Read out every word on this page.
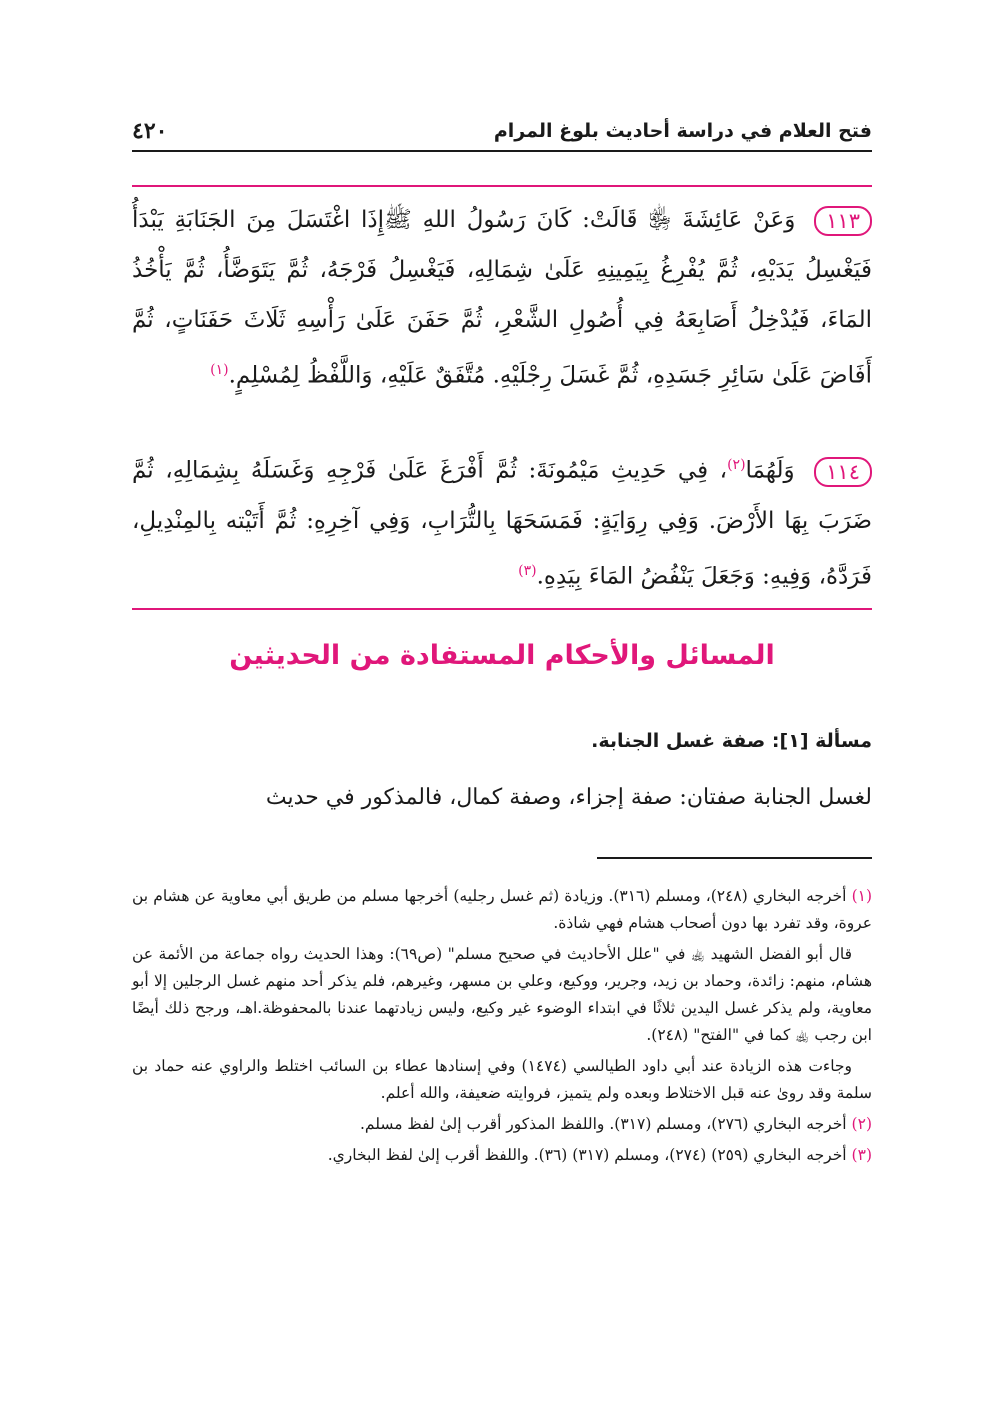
٤٢٠	فتح العلام في دراسة أحاديث بلوغ المرام
١١٣ وَعَنْ عَائِشَةَ ﵂ قَالَتْ: كَانَ رَسُولُ اللهِ ﷺإِذَا اغْتَسَلَ مِنَ الجَنَابَةِ يَبْدَأُ فَيَغْسِلُ يَدَيْهِ، ثُمَّ يُفْرِغُ بِيَمِينِهِ عَلَىٰ شِمَالِهِ، فَيَغْسِلُ فَرْجَهُ، ثُمَّ يَتَوَضَّأُ، ثُمَّ يَأْخُذُ المَاءَ، فَيُدْخِلُ أَصَابِعَهُ فِي أُصُولِ الشَّعْرِ، ثُمَّ حَفَنَ عَلَىٰ رَأْسِهِ ثَلَاثَ حَفَنَاتٍ، ثُمَّ أَفَاضَ عَلَىٰ سَائِرِ جَسَدِهِ، ثُمَّ غَسَلَ رِجْلَيْهِ. مُتَّفَقٌ عَلَيْهِ، وَاللَّفْظُ لِمُسْلِمٍ.$^{(١)}$
١١٤ وَلَهُمَا$^{(٢)}$، فِي حَدِيثِ مَيْمُونَةَ: ثُمَّ أَفْرَغَ عَلَىٰ فَرْجِهِ وَغَسَلَهُ بِشِمَالِهِ، ثُمَّ ضَرَبَ بِهَا الأَرْضَ. وَفِي رِوَايَةٍ: فَمَسَحَهَا بِالتُّرَابِ، وَفِي آخِرِهِ: ثُمَّ أَتَيْته بِالمِنْدِيلِ، فَرَدَّهُ، وَفِيهِ: وَجَعَلَ يَنْفُضُ المَاءَ بِيَدِهِ.$^{(٣)}$
المسائل والأحكام المستفادة من الحديثين
مسألة [١]: صفة غسل الجنابة.
لغسل الجنابة صفتان: صفة إجزاء، وصفة كمال، فالمذكور في حديث
(١) أخرجه البخاري (٢٤٨)، ومسلم (٣١٦). وزيادة (ثم غسل رجليه) أخرجها مسلم من طريق أبي معاوية عن هشام بن عروة، وقد تفرد بها دون أصحاب هشام فهي شاذة.
قال أبو الفضل الشهيد ﵀ في "علل الأحاديث في صحيح مسلم" (ص٦٩): وهذا الحديث رواه جماعة من الأئمة عن هشام، منهم: زائدة، وحماد بن زيد، وجرير، ووكيع، وعلي بن مسهر، وغيرهم، فلم يذكر أحد منهم غسل الرجلين إلا أبو معاوية، ولم يذكر غسل اليدين ثلاثًا في ابتداء الوضوء غير وكيع، وليس زيادتهما عندنا بالمحفوظة.اهـ، ورجح ذلك أيضًا ابن رجب ﵀ كما في "الفتح" (٢٤٨).
وجاءت هذه الزيادة عند أبي داود الطيالسي (١٤٧٤) وفي إسنادها عطاء بن السائب اختلط والراوي عنه حماد بن سلمة وقد روىٰ عنه قبل الاختلاط وبعده ولم يتميز، فروايته ضعيفة، والله أعلم.
(٢) أخرجه البخاري (٢٧٦)، ومسلم (٣١٧). واللفظ المذكور أقرب إلىٰ لفظ مسلم.
(٣) أخرجه البخاري (٢٥٩) (٢٧٤)، ومسلم (٣١٧) (٣٦). واللفظ أقرب إلىٰ لفظ البخاري.
